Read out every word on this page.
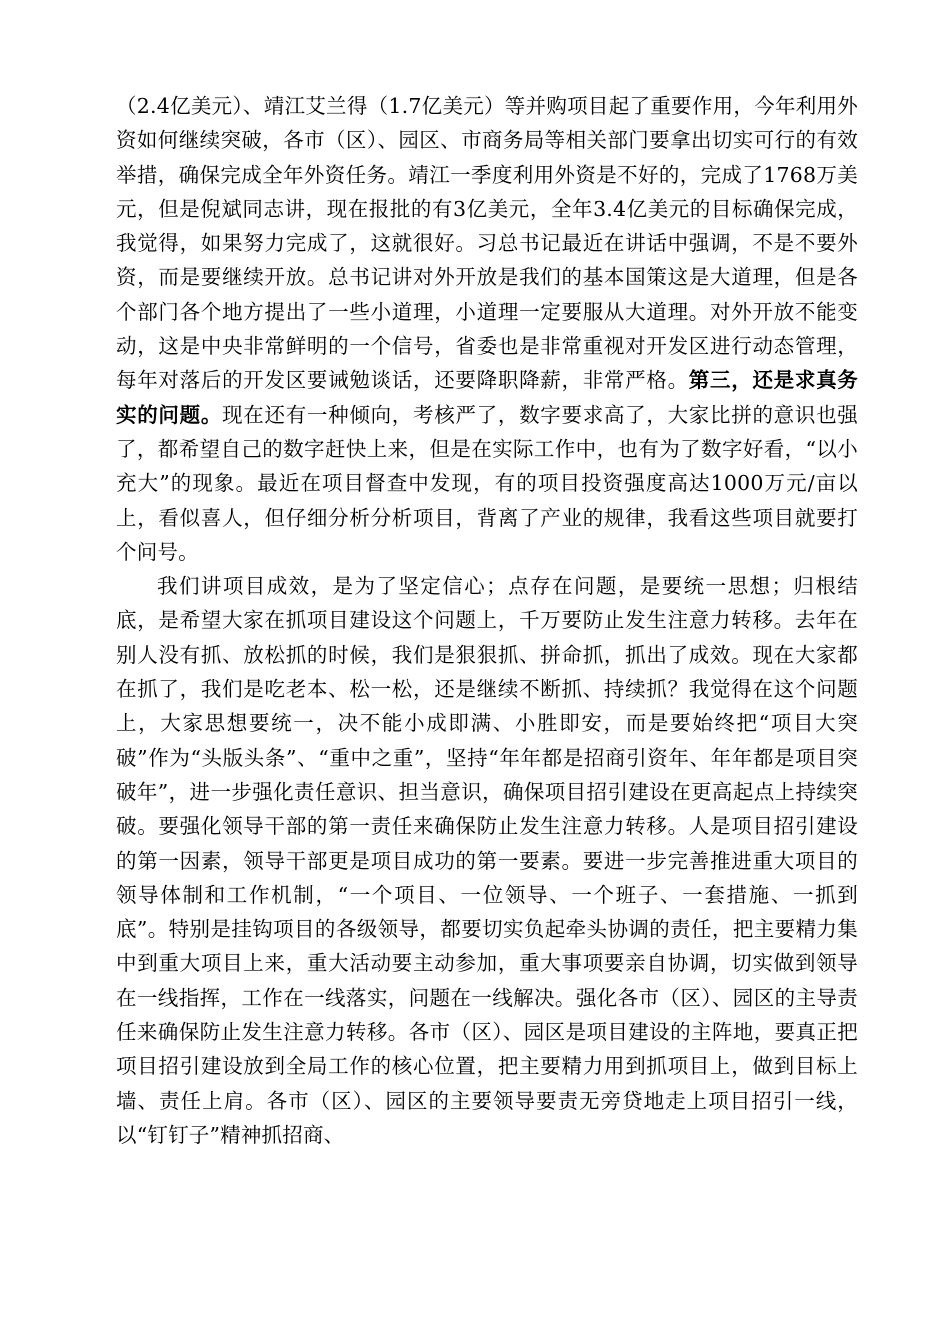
（2.4亿美元）、靖江艾兰得（1.7亿美元）等并购项目起了重要作用，今年利用外资如何继续突破，各市（区）、园区、市商务局等相关部门要拿出切实可行的有效举措，确保完成全年外资任务。靖江一季度利用外资是不好的，完成了1768万美元，但是倪斌同志讲，现在报批的有3亿美元，全年3.4亿美元的目标确保完成，我觉得，如果努力完成了，这就很好。习总书记最近在讲话中强调，不是不要外资，而是要继续开放。总书记讲对外开放是我们的基本国策这是大道理，但是各个部门各个地方提出了一些小道理，小道理一定要服从大道理。对外开放不能变动，这是中央非常鲜明的一个信号，省委也是非常重视对开发区进行动态管理，每年对落后的开发区要诫勉谈话，还要降职降薪，非常严格。第三，还是求真务实的问题。现在还有一种倾向，考核严了，数字要求高了，大家比拼的意识也强了，都希望自己的数字赶快上来，但是在实际工作中，也有为了数字好看，“以小充大”的现象。最近在项目督查中发现，有的项目投资强度高达1000万元/亩以上，看似喜人，但仔细分析分析项目，背离了产业的规律，我看这些项目就要打个问号。

我们讲项目成效，是为了坚定信心；点存在问题，是要统一思想；归根结底，是希望大家在抓项目建设这个问题上，千万要防止发生注意力转移。去年在别人没有抓、放松抓的时候，我们是狠狠抓、拼命抓，抓出了成效。现在大家都在抓了，我们是吃老本、松一松，还是继续不断抓、持续抓？我觉得在这个问题上，大家思想要统一，决不能小成即满、小胜即安，而是要始终把“项目大突破”作为“头版头条”、“重中之重”，坚持“年年都是招商引资年、年年都是项目突破年”，进一步强化责任意识、担当意识，确保项目招引建设在更高起点上持续突破。要强化领导干部的第一责任来确保防止发生注意力转移。人是项目招引建设的第一因素，领导干部更是项目成功的第一要素。要进一步完善推进重大项目的领导体制和工作机制，“一个项目、一位领导、一个班子、一套措施、一抓到底”。特别是挂钩项目的各级领导，都要切实负起牵头协调的责任，把主要精力集中到重大项目上来，重大活动要主动参加，重大事项要亲自协调，切实做到领导在一线指挥，工作在一线落实，问题在一线解决。强化各市（区）、园区的主导责任来确保防止发生注意力转移。各市（区）、园区是项目建设的主阵地，要真正把项目招引建设放到全局工作的核心位置，把主要精力用到抓项目上，做到目标上墙、责任上肩。各市（区）、园区的主要领导要责无旁贷地走上项目招引一线，以“钉钉子”精神抓招商、
